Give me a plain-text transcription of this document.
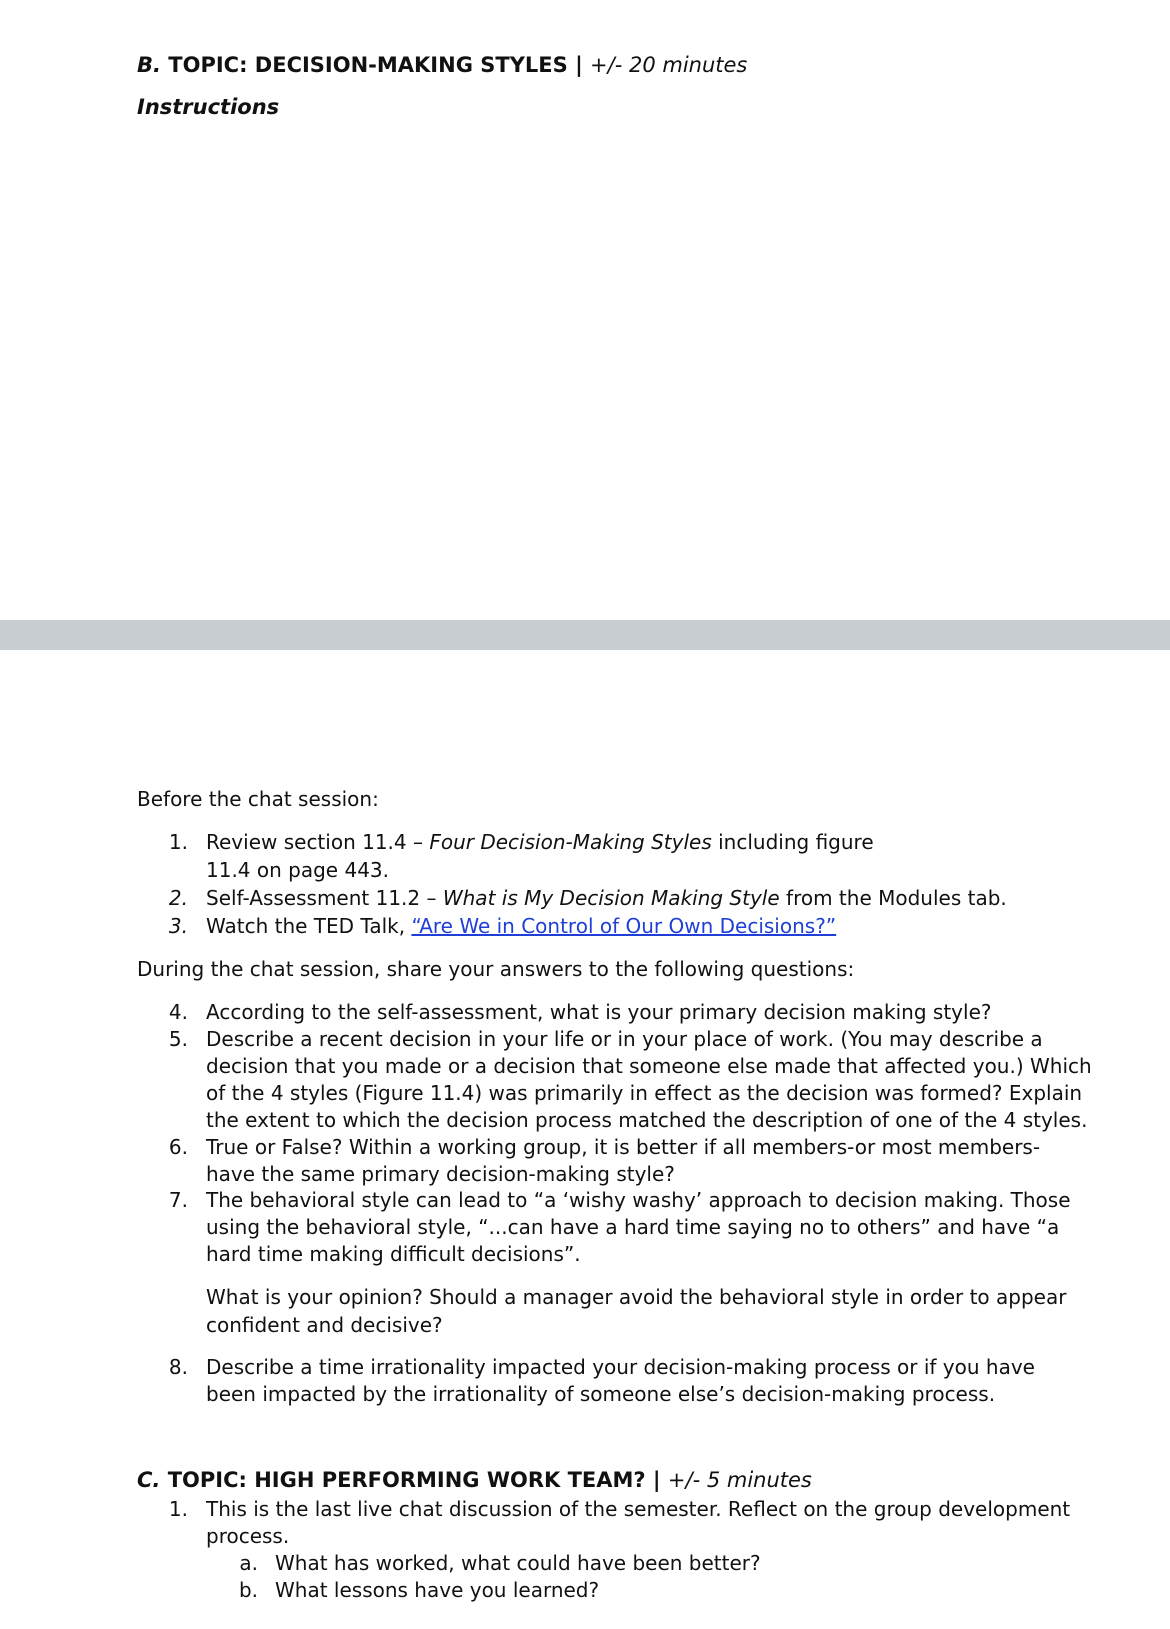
B. TOPIC: DECISION-MAKING STYLES | +/- 20 minutes
Instructions
Before the chat session:
1. Review section 11.4 – Four Decision-Making Styles including figure
11.4 on page 443.
2. Self-Assessment 11.2 – What is My Decision Making Style from the Modules tab.
3. Watch the TED Talk, “Are We in Control of Our Own Decisions?”
During the chat session, share your answers to the following questions:
4. According to the self-assessment, what is your primary decision making style?
5. Describe a recent decision in your life or in your place of work. (You may describe a
decision that you made or a decision that someone else made that affected you.) Which
of the 4 styles (Figure 11.4) was primarily in effect as the decision was formed? Explain
the extent to which the decision process matched the description of one of the 4 styles.
6. True or False? Within a working group, it is better if all members-or most members-
have the same primary decision-making style?
7. The behavioral style can lead to “a ‘wishy washy’ approach to decision making. Those
using the behavioral style, “...can have a hard time saying no to others” and have “a
hard time making difficult decisions”.
What is your opinion? Should a manager avoid the behavioral style in order to appear
confident and decisive?
8. Describe a time irrationality impacted your decision-making process or if you have
been impacted by the irrationality of someone else’s decision-making process.
C. TOPIC: HIGH PERFORMING WORK TEAM? | +/- 5 minutes
1. This is the last live chat discussion of the semester. Reflect on the group development
process.
a. What has worked, what could have been better?
b. What lessons have you learned?
